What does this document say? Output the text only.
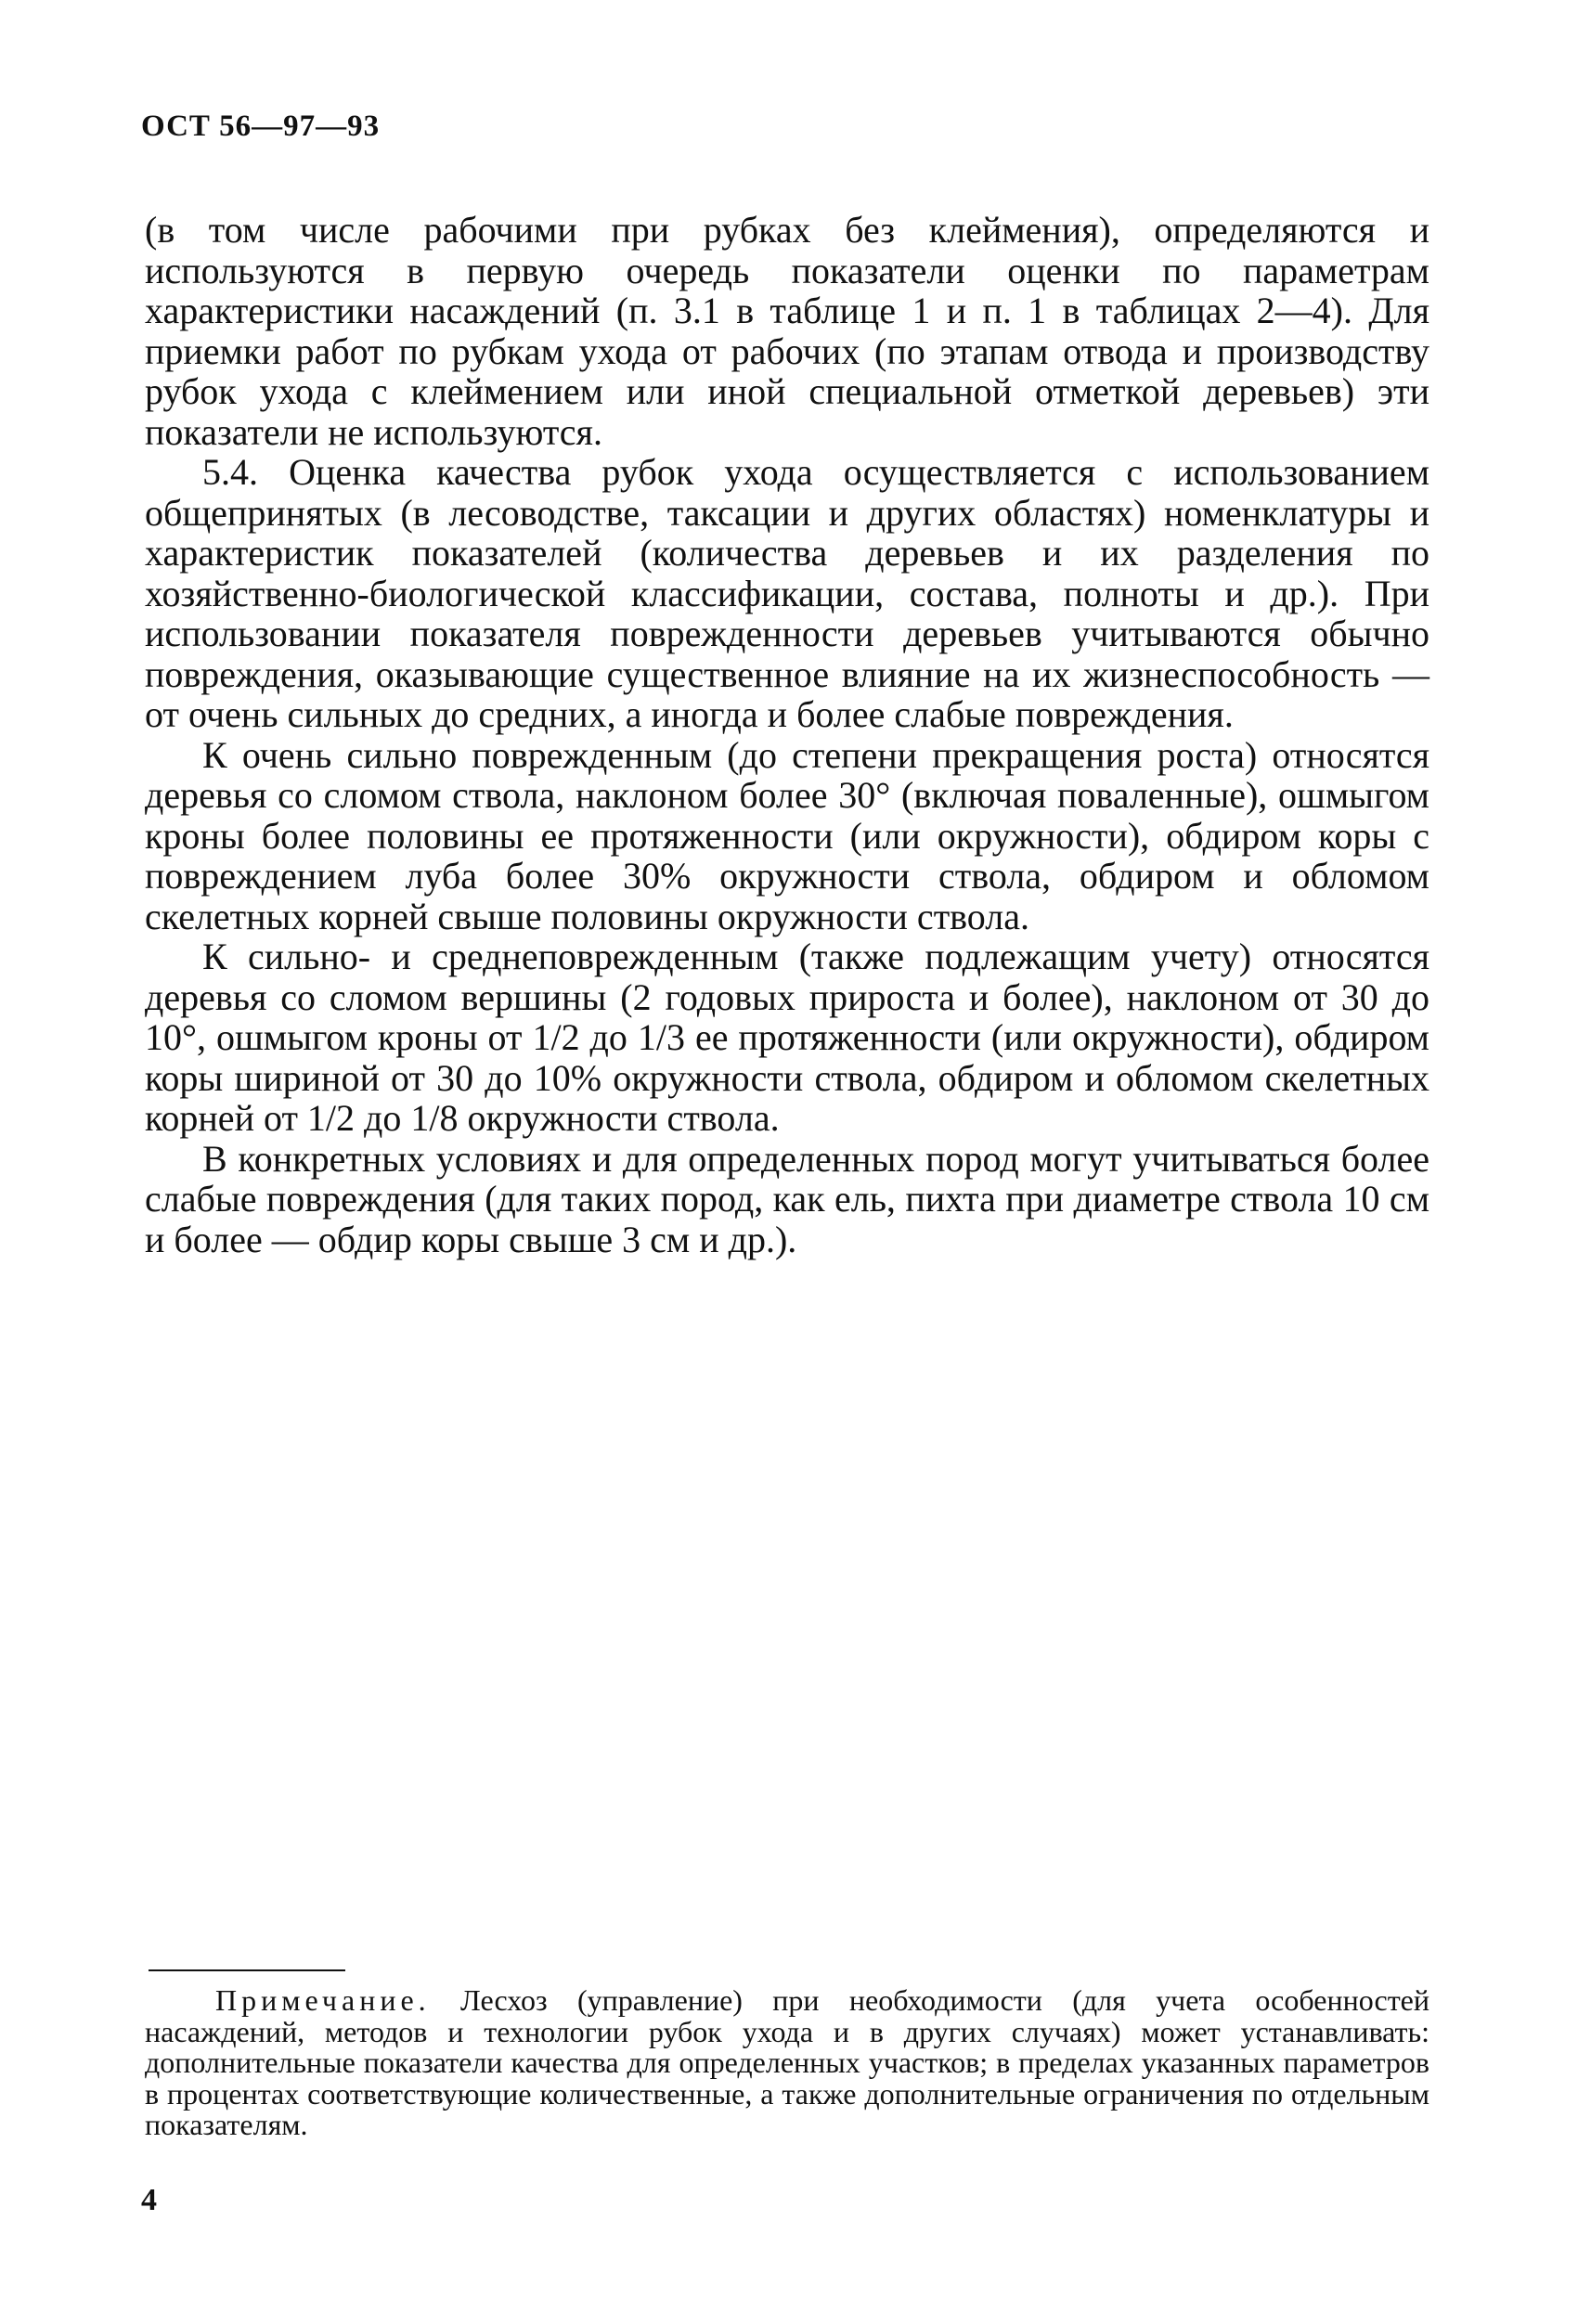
ОСТ 56—97—93

(в том числе рабочими при рубках без клеймения), определяются и используются в первую очередь показатели оценки по параметрам характеристики насаждений (п. 3.1 в таблице 1 и п. 1 в таблицах 2—4). Для приемки работ по рубкам ухода от рабочих (по этапам отвода и производству рубок ухода с клеймением или иной специальной отметкой деревьев) эти показатели не используются.

5.4. Оценка качества рубок ухода осуществляется с использованием общепринятых (в лесоводстве, таксации и других областях) номенклатуры и характеристик показателей (количества деревьев и их разделения по хозяйственно-биологической классификации, состава, полноты и др.). При использовании показателя поврежденности деревьев учитываются обычно повреждения, оказывающие существенное влияние на их жизнеспособность — от очень сильных до средних, а иногда и более слабые повреждения.

К очень сильно поврежденным (до степени прекращения роста) относятся деревья со сломом ствола, наклоном более 30° (включая поваленные), ошмыгом кроны более половины ее протяженности (или окружности), обдиром коры с повреждением луба более 30% окружности ствола, обдиром и обломом скелетных корней свыше половины окружности ствола.

К сильно- и среднеповрежденным (также подлежащим учету) относятся деревья со сломом вершины (2 годовых прироста и более), наклоном от 30 до 10°, ошмыгом кроны от 1/2 до 1/3 ее протяженности (или окружности), обдиром коры шириной от 30 до 10% окружности ствола, обдиром и обломом скелетных корней от 1/2 до 1/8 окружности ствола.

В конкретных условиях и для определенных пород могут учитываться более слабые повреждения (для таких пород, как ель, пихта при диаметре ствола 10 см и более — обдир коры свыше 3 см и др.).

Примечание. Лесхоз (управление) при необходимости (для учета особенностей насаждений, методов и технологии рубок ухода и в других случаях) может устанавливать: дополнительные показатели качества для определенных участков; в пределах указанных параметров в процентах соответствующие количественные, а также дополнительные ограничения по отдельным показателям.

4
